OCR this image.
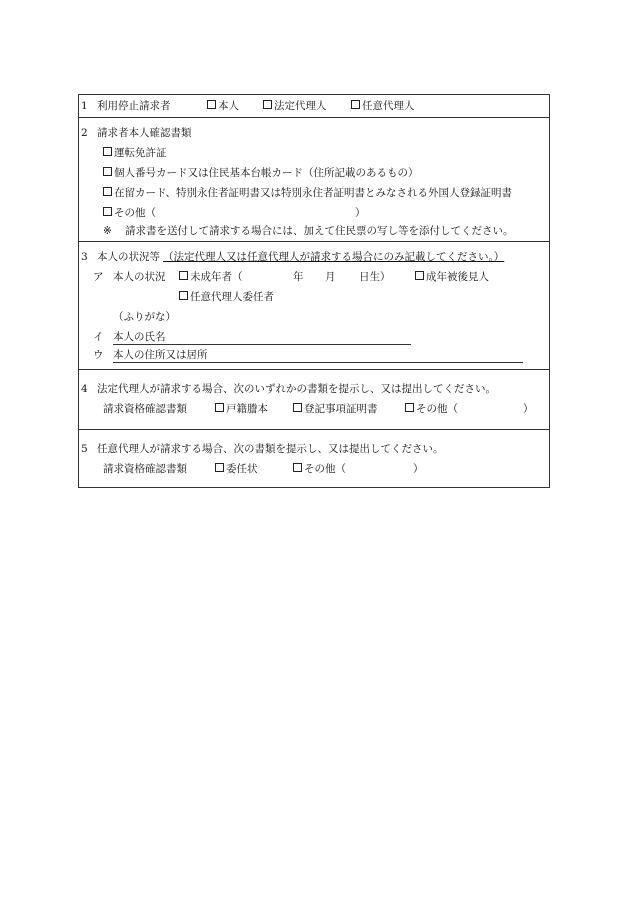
1 利用停止請求者	本人	法定代理人	任意代理人
2 請求者本人確認書類
運転免許証
個人番号カード又は住民基本台帳カード（住所記載のあるもの）
在留カード、特別永住者証明書又は特別永住者証明書とみなされる外国人登録証明書
その他（	）
※ 請求書を送付して請求する場合には、加えて住民票の写し等を添付してください。
3 本人の状況等 （法定代理人又は任意代理人が請求する場合にのみ記載してください。）
ア 本人の状況	未成年者（	年 月 日生）	成年被後見人
任意代理人委任者
（ふりがな）
イ 本人の氏名
ウ 本人の住所又は居所
4 法定代理人が請求する場合、次のいずれかの書類を提示し、又は提出してください。
請求資格確認書類	戸籍謄本	登記事項証明書	その他（	）
5 任意代理人が請求する場合、次の書類を提示し、又は提出してください。
請求資格確認書類	委任状	その他（	）
